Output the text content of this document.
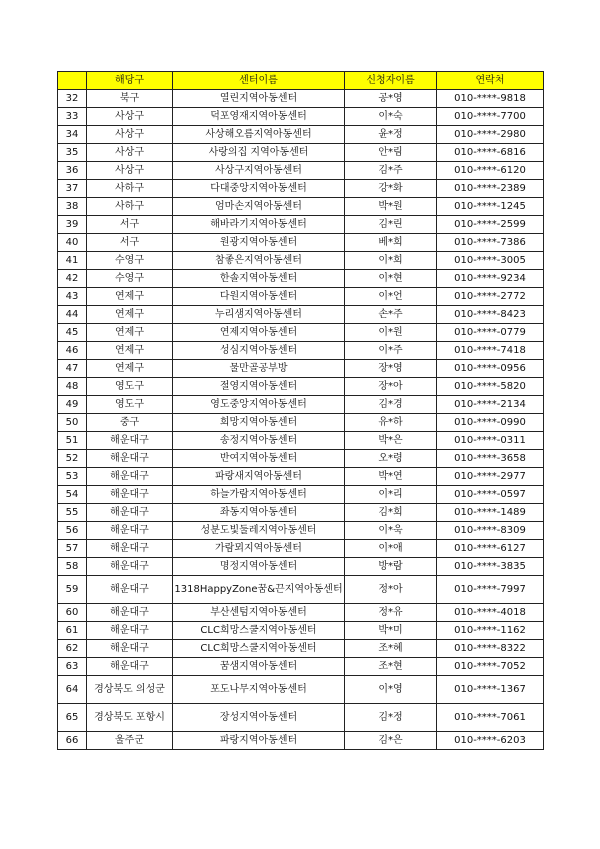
	해당구	센터이름	신청자이름	연락처
32	북구	열린지역아동센터	공*영	010-****-9818
33	사상구	덕포영재지역아동센터	이*숙	010-****-7700
34	사상구	사상해오름지역아동센터	윤*정	010-****-2980
35	사상구	사랑의집 지역아동센터	안*림	010-****-6816
36	사상구	사상구지역아동센터	김*주	010-****-6120
37	사하구	다대중앙지역아동센터	강*화	010-****-2389
38	사하구	엄마손지역아동센터	박*원	010-****-1245
39	서구	해바라기지역아동센터	김*린	010-****-2599
40	서구	원광지역아동센터	베*희	010-****-7386
41	수영구	참좋은지역아동센터	이*희	010-****-3005
42	수영구	한솔지역아동센터	이*현	010-****-9234
43	연제구	다원지역아동센터	이*언	010-****-2772
44	연제구	누리샘지역아동센터	손*주	010-****-8423
45	연제구	연제지역아동센터	이*원	010-****-0779
46	연제구	성심지역아동센터	이*주	010-****-7418
47	연제구	물만골공부방	장*영	010-****-0956
48	영도구	절영지역아동센터	장*아	010-****-5820
49	영도구	영도중앙지역아동센터	김*경	010-****-2134
50	중구	희망지역아동센터	유*하	010-****-0990
51	해운대구	송정지역아동센터	박*은	010-****-0311
52	해운대구	반여지역아동센터	오*령	010-****-3658
53	해운대구	파랑새지역아동센터	박*연	010-****-2977
54	해운대구	하늘가람지역아동센터	이*리	010-****-0597
55	해운대구	좌동지역아동센터	김*희	010-****-1489
56	해운대구	성분도빛둘레지역아동센터	이*욱	010-****-8309
57	해운대구	가람뫼지역아동센터	이*애	010-****-6127
58	해운대구	명정지역아동센터	방*람	010-****-3835
59	해운대구	1318HappyZone꿈&끈지역아동센터	정*아	010-****-7997
60	해운대구	부산센텀지역아동센터	정*유	010-****-4018
61	해운대구	CLC희망스쿨지역아동센터	박*미	010-****-1162
62	해운대구	CLC희망스쿨지역아동센터	조*혜	010-****-8322
63	해운대구	꿈샘지역아동센터	조*현	010-****-7052
64	경상북도 의성군	포도나무지역아동센터	이*영	010-****-1367
65	경상북도 포항시	장성지역아동센터	김*정	010-****-7061
66	울주군	파랑지역아동센터	김*은	010-****-6203
